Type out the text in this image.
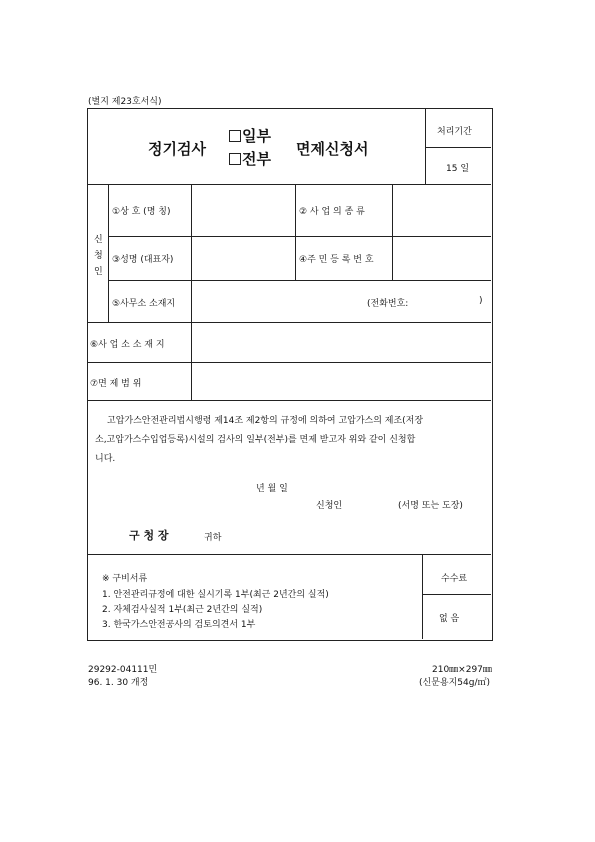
(별지 제23호서식)
정기검사
일부
전부
면제신청서
처리기간
15 일
신
청
인
①상 호 (명 칭)	② 사 업 의 종 류
③성명 (대표자)	④주 민 등 록 번 호
⑤사무소 소재지	(전화번호:	)
⑥사 업 소 소 재 지
⑦면 제 범 위
고압가스안전관리법시행령 제14조 제2항의 규정에 의하여 고압가스의 제조(저장
소,고압가스수입업등록)시설의 검사의 일부(전부)를 면제 받고자 위와 같이 신청합
니다.
년 월 일
신청인	(서명 또는 도장)
구 청 장	귀하
※ 구비서류
1. 안전관리규정에 대한 실시기록 1부(최근 2년간의 실적)
2. 자체검사실적 1부(최근 2년간의 실적)
3. 한국가스안전공사의 검토의견서 1부
수수료
없 음
29292-04111민
96. 1. 30 개정
210㎜×297㎜
(신문용지54g/㎡)
